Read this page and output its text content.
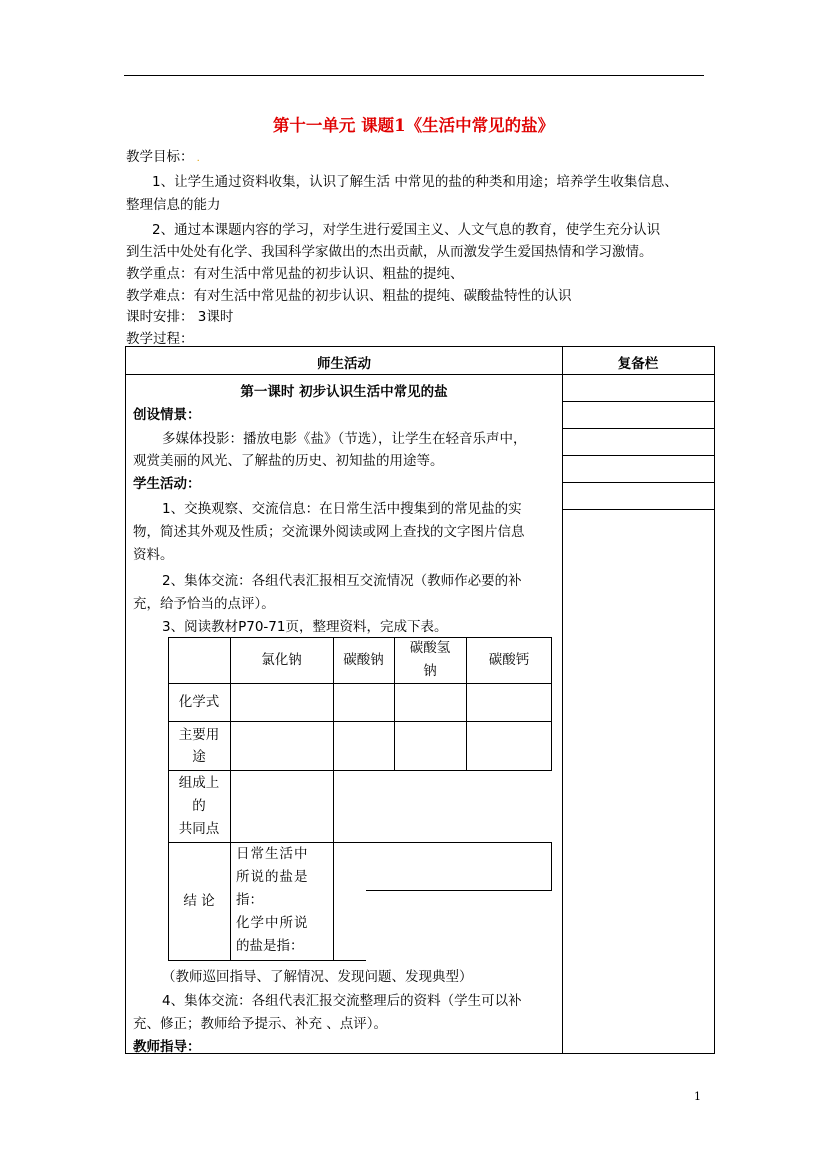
第十一单元 课题1《生活中常见的盐》
教学目标： .
1、让学生通过资料收集，认识了解生活 中常见的盐的种类和用途；培养学生收集信息、
整理信息的能力
2、通过本课题内容的学习，对学生进行爱国主义、人文气息的教育，使学生充分认识
到生活中处处有化学、我国科学家做出的杰出贡献，从而激发学生爱国热情和学习激情。
教学重点：有对生活中常见盐的初步认识、粗盐的提纯、
教学难点：有对生活中常见盐的初步认识、粗盐的提纯、碳酸盐特性的认识
课时安排： 3课时
教学过程：
师生活动	复备栏
第一课时 初步认识生活中常见的盐
创设情景：
多媒体投影：播放电影《盐》（节选），让学生在轻音乐声中，
观赏美丽的风光、了解盐的历史、初知盐的用途等。
学生活动：
1、交换观察、交流信息：在日常生活中搜集到的常见盐的实
物，简述其外观及性质；交流课外阅读或网上查找的文字图片信息
资料。
2、集体交流：各组代表汇报相互交流情况（教师作必要的补
充，给予恰当的点评）。
3、阅读教材P70-71页，整理资料，完成下表。
氯化钠	碳酸钠
碳酸氢
钠
碳酸钙
化学式
主要用
途
组成上
的
共同点
结 论
日常生活中
所说的盐是
指：
化学中所说
的盐是指：
（教师巡回指导、了解情况、发现问题、发现典型）
4、集体交流：各组代表汇报交流整理后的资料（学生可以补
充、修正；教师给予提示、补充 、点评）。
教师指导：
1
